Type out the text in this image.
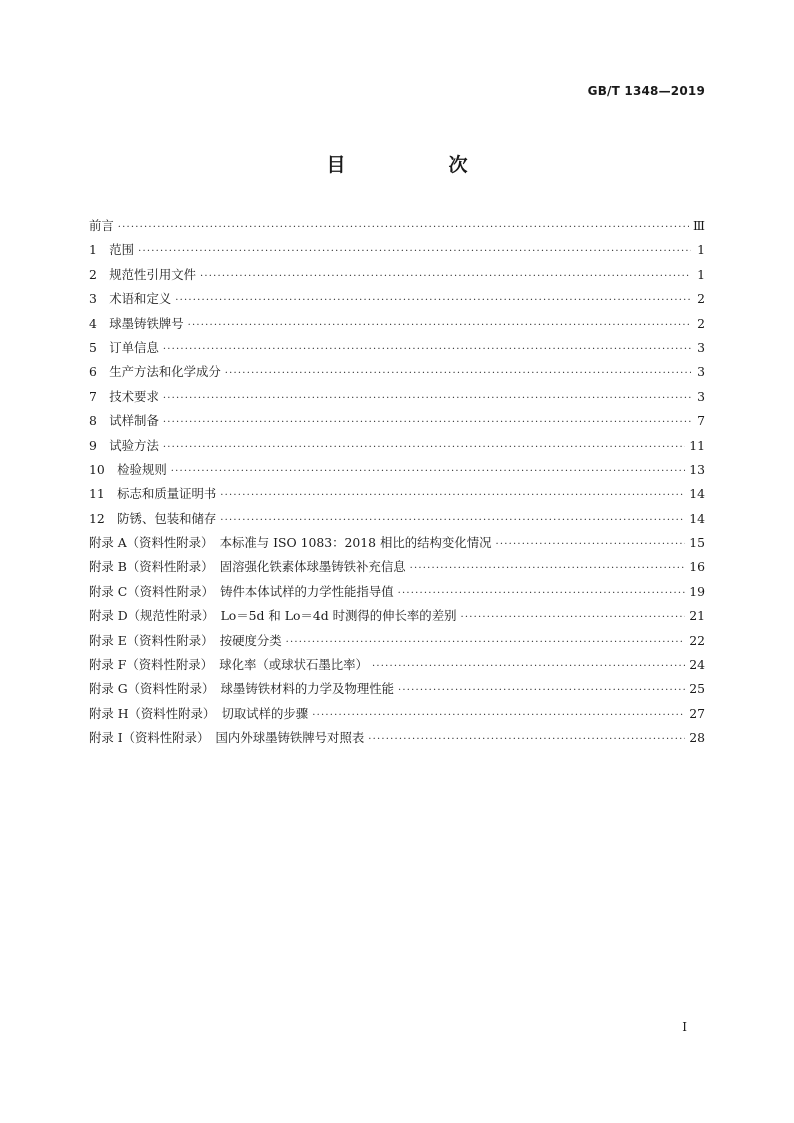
GB/T 1348—2019
目　次
前言 ·····	Ⅲ
1　范围 ·····	1
2　规范性引用文件 ·····	1
3　术语和定义 ·····	2
4　球墨铸铁牌号 ·····	2
5　订单信息 ·····	3
6　生产方法和化学成分 ·····	3
7　技术要求 ·····	3
8　试样制备 ·····	7
9　试验方法 ·····	11
10　检验规则 ·····	13
11　标志和质量证明书 ·····	14
12　防锈、包装和储存 ·····	14
附录 A（资料性附录）　本标准与 ISO 1083：2018 相比的结构变化情况 ·····	15
附录 B（资料性附录）　固溶强化铁素体球墨铸铁补充信息 ·····	16
附录 C（资料性附录）　铸件本体试样的力学性能指导值 ·····	19
附录 D（规范性附录）　Lo＝5d 和 Lo＝4d 时测得的伸长率的差别 ·····	21
附录 E（资料性附录）　按硬度分类 ·····	22
附录 F（资料性附录）　球化率（或球状石墨比率） ·····	24
附录 G（资料性附录）　球墨铸铁材料的力学及物理性能 ·····	25
附录 H（资料性附录）　切取试样的步骤 ·····	27
附录 I（资料性附录）　国内外球墨铸铁牌号对照表 ·····	28
Ⅰ
